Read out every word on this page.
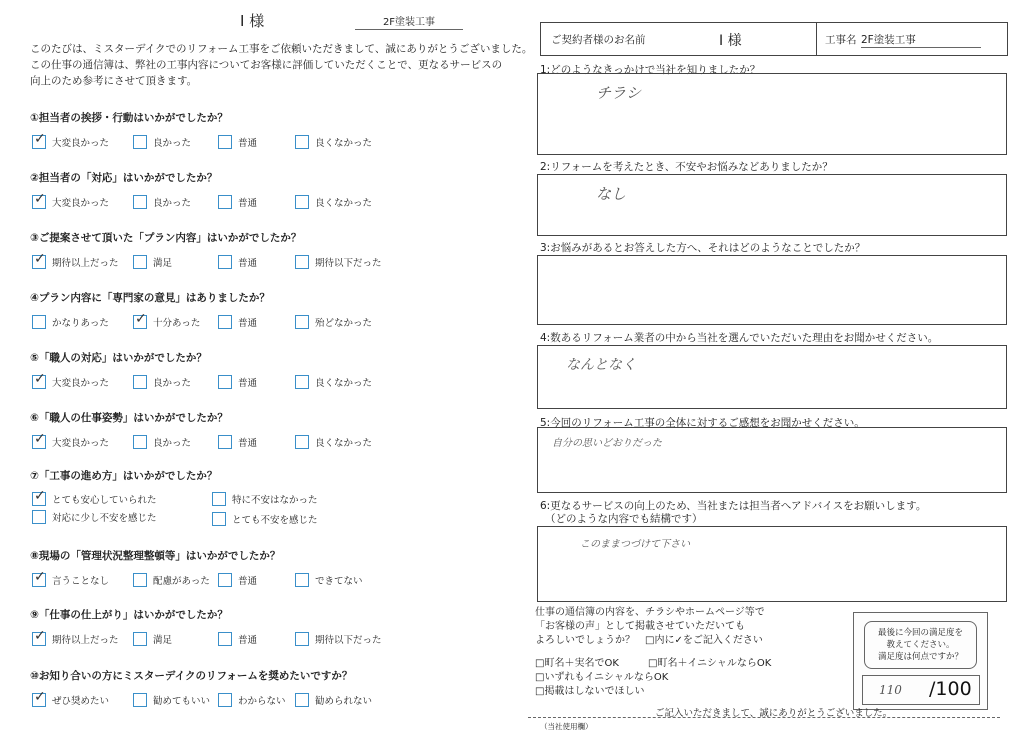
I 様	2F塗装工事
このたびは、ミスターデイクでのリフォーム工事をご依頼いただきまして、誠にありがとうございました。
この仕事の通信簿は、弊社の工事内容についてお客様に評価していただくことで、更なるサービスの
向上のため参考にさせて頂きます。
①担当者の挨拶・行動はいかがでしたか？
✓
大変良かった	良かった	普通	良くなかった
②担当者の「対応」はいかがでしたか？
✓
大変良かった	良かった	普通	良くなかった
③ご提案させて頂いた「プラン内容」はいかがでしたか？
✓
期待以上だった	満足	普通	期待以下だった
④プラン内容に「専門家の意見」はありましたか？
かなりあった
✓	十分あった	普通	殆どなかった
⑤「職人の対応」はいかがでしたか？
✓
大変良かった	良かった	普通	良くなかった
⑥「職人の仕事姿勢」はいかがでしたか？
✓
大変良かった	良かった	普通	良くなかった
⑦「工事の進め方」はいかがでしたか？
✓
とても安心していられた	特に不安はなかった
対応に少し不安を感じた	とても不安を感じた
⑧現場の「管理状況整理整頓等」はいかがでしたか？
✓
言うことなし	配慮があった	普通	できてない
⑨「仕事の仕上がり」はいかがでしたか？
✓
期待以上だった	満足	普通	期待以下だった
⑩お知り合いの方にミスターデイクのリフォームを奨めたいですか？
✓
ぜひ奨めたい	勧めてもいい	わからない	勧められない
ご契約者様のお名前	I 様	工事名 2F塗装工事
1:どのようなきっかけで当社を知りましたか？
チラシ
2:リフォームを考えたとき、不安やお悩みなどありましたか？
なし
3:お悩みがあるとお答えした方へ、それはどのようなことでしたか？
4:数あるリフォーム業者の中から当社を選んでいただいた理由をお聞かせください。
なんとなく
5:今回のリフォーム工事の全体に対するご感想をお聞かせください。
自分の思いどおりだった
6:更なるサービスの向上のため、当社または担当者へアドバイスをお願いします。
（どのような内容でも結構です）
このままつづけて下さい
仕事の通信簿の内容を、チラシやホームページ等で
「お客様の声」として掲載させていただいても
よろしいでしょうか？　□内に✓をご記入ください
□町名＋実名でOK	□町名＋イニシャルならOK
□いずれもイニシャルならOK
□掲載はしないでほしい
最後に今回の満足度を
教えてください。
満足度は何点ですか？
110 /100
ご記入いただきまして、誠にありがとうございました。
（当社使用欄）
